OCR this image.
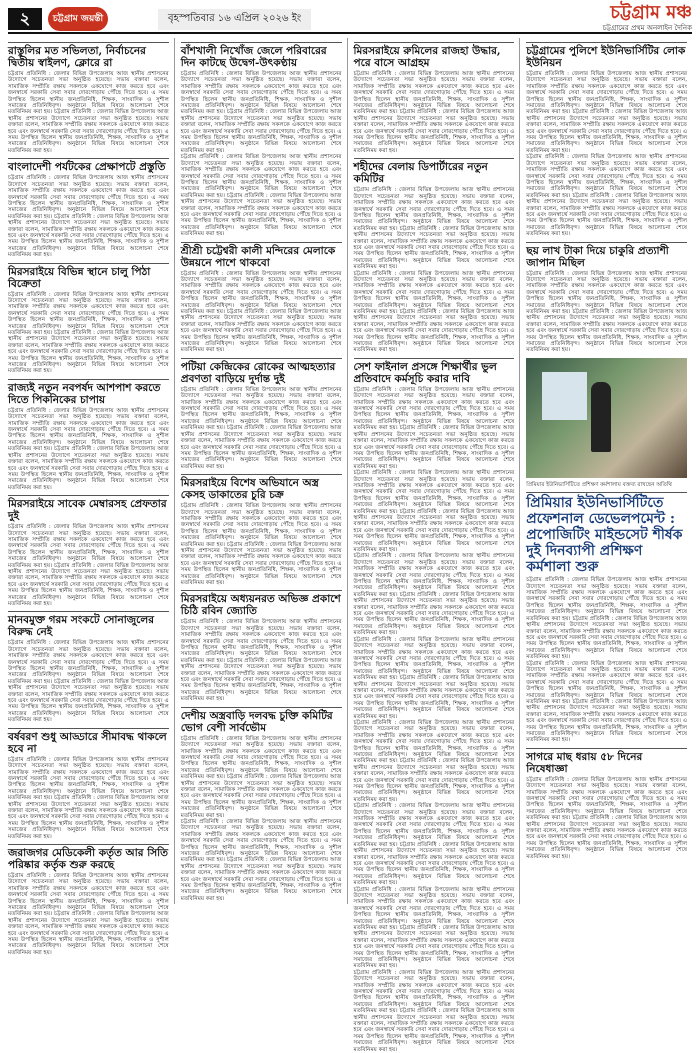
২	চট্টগ্রাম জয়ন্তী	বৃহস্পতিবার ১৬ এপ্রিল ২০২৬ ইং	চট্টগ্রাম মঞ্চ
চট্টগ্রামের প্রথম অনলাইন দৈনিক
রাস্তুলির মত সভিলতা, নির্বাচনের দ্বিতীয় স্বাইলণ, ক্লোরে রা
চট্টগ্রাম প্রতিনিধি : জেলার বিভিন্ন উপজেলায় আজ স্থানীয় প্রশাসনের উদ্যোগে সচেতনতা সভা অনুষ্ঠিত হয়েছে। সভায় বক্তারা বলেন, সামাজিক সম্প্রীতি রক্ষায় সকলকে একযোগে কাজ করতে হবে এবং জনস্বার্থে সরকারি সেবা সবার দোরগোড়ায় পৌঁছে দিতে হবে। এ সময় উপস্থিত ছিলেন স্থানীয় জনপ্রতিনিধি, শিক্ষক, সাংবাদিক ও সুশীল সমাজের প্রতিনিধিবৃন্দ। অনুষ্ঠানে বিভিন্ন বিষয়ে আলোচনা শেষে মতবিনিময় করা হয়। চট্টগ্রাম প্রতিনিধি : জেলার বিভিন্ন উপজেলায় আজ স্থানীয় প্রশাসনের উদ্যোগে সচেতনতা সভা অনুষ্ঠিত হয়েছে। সভায় বক্তারা বলেন, সামাজিক সম্প্রীতি রক্ষায় সকলকে একযোগে কাজ করতে হবে এবং জনস্বার্থে সরকারি সেবা সবার দোরগোড়ায় পৌঁছে দিতে হবে। এ সময় উপস্থিত ছিলেন স্থানীয় জনপ্রতিনিধি, শিক্ষক, সাংবাদিক ও সুশীল সমাজের প্রতিনিধিবৃন্দ। অনুষ্ঠানে বিভিন্ন বিষয়ে আলোচনা শেষে মতবিনিময় করা হয়।
বাংলাদেশী পর্যটকের প্রেক্ষাপটে প্রস্তুতি
চট্টগ্রাম প্রতিনিধি : জেলার বিভিন্ন উপজেলায় আজ স্থানীয় প্রশাসনের উদ্যোগে সচেতনতা সভা অনুষ্ঠিত হয়েছে। সভায় বক্তারা বলেন, সামাজিক সম্প্রীতি রক্ষায় সকলকে একযোগে কাজ করতে হবে এবং জনস্বার্থে সরকারি সেবা সবার দোরগোড়ায় পৌঁছে দিতে হবে। এ সময় উপস্থিত ছিলেন স্থানীয় জনপ্রতিনিধি, শিক্ষক, সাংবাদিক ও সুশীল সমাজের প্রতিনিধিবৃন্দ। অনুষ্ঠানে বিভিন্ন বিষয়ে আলোচনা শেষে মতবিনিময় করা হয়। চট্টগ্রাম প্রতিনিধি : জেলার বিভিন্ন উপজেলায় আজ স্থানীয় প্রশাসনের উদ্যোগে সচেতনতা সভা অনুষ্ঠিত হয়েছে। সভায় বক্তারা বলেন, সামাজিক সম্প্রীতি রক্ষায় সকলকে একযোগে কাজ করতে হবে এবং জনস্বার্থে সরকারি সেবা সবার দোরগোড়ায় পৌঁছে দিতে হবে। এ সময় উপস্থিত ছিলেন স্থানীয় জনপ্রতিনিধি, শিক্ষক, সাংবাদিক ও সুশীল সমাজের প্রতিনিধিবৃন্দ। অনুষ্ঠানে বিভিন্ন বিষয়ে আলোচনা শেষে মতবিনিময় করা হয়।
মিরসরাইয়ে বিভিন্ন স্থানে চালু পিঠা বিক্রেতা
চট্টগ্রাম প্রতিনিধি : জেলার বিভিন্ন উপজেলায় আজ স্থানীয় প্রশাসনের উদ্যোগে সচেতনতা সভা অনুষ্ঠিত হয়েছে। সভায় বক্তারা বলেন, সামাজিক সম্প্রীতি রক্ষায় সকলকে একযোগে কাজ করতে হবে এবং জনস্বার্থে সরকারি সেবা সবার দোরগোড়ায় পৌঁছে দিতে হবে। এ সময় উপস্থিত ছিলেন স্থানীয় জনপ্রতিনিধি, শিক্ষক, সাংবাদিক ও সুশীল সমাজের প্রতিনিধিবৃন্দ। অনুষ্ঠানে বিভিন্ন বিষয়ে আলোচনা শেষে মতবিনিময় করা হয়। চট্টগ্রাম প্রতিনিধি : জেলার বিভিন্ন উপজেলায় আজ স্থানীয় প্রশাসনের উদ্যোগে সচেতনতা সভা অনুষ্ঠিত হয়েছে। সভায় বক্তারা বলেন, সামাজিক সম্প্রীতি রক্ষায় সকলকে একযোগে কাজ করতে হবে এবং জনস্বার্থে সরকারি সেবা সবার দোরগোড়ায় পৌঁছে দিতে হবে। এ সময় উপস্থিত ছিলেন স্থানীয় জনপ্রতিনিধি, শিক্ষক, সাংবাদিক ও সুশীল সমাজের প্রতিনিধিবৃন্দ। অনুষ্ঠানে বিভিন্ন বিষয়ে আলোচনা শেষে মতবিনিময় করা হয়।
রাজ্যই নতুন নবপর্ষদ আশপাশ করতে দিতে পিকনিকের চাপায়
চট্টগ্রাম প্রতিনিধি : জেলার বিভিন্ন উপজেলায় আজ স্থানীয় প্রশাসনের উদ্যোগে সচেতনতা সভা অনুষ্ঠিত হয়েছে। সভায় বক্তারা বলেন, সামাজিক সম্প্রীতি রক্ষায় সকলকে একযোগে কাজ করতে হবে এবং জনস্বার্থে সরকারি সেবা সবার দোরগোড়ায় পৌঁছে দিতে হবে। এ সময় উপস্থিত ছিলেন স্থানীয় জনপ্রতিনিধি, শিক্ষক, সাংবাদিক ও সুশীল সমাজের প্রতিনিধিবৃন্দ। অনুষ্ঠানে বিভিন্ন বিষয়ে আলোচনা শেষে মতবিনিময় করা হয়। চট্টগ্রাম প্রতিনিধি : জেলার বিভিন্ন উপজেলায় আজ স্থানীয় প্রশাসনের উদ্যোগে সচেতনতা সভা অনুষ্ঠিত হয়েছে। সভায় বক্তারা বলেন, সামাজিক সম্প্রীতি রক্ষায় সকলকে একযোগে কাজ করতে হবে এবং জনস্বার্থে সরকারি সেবা সবার দোরগোড়ায় পৌঁছে দিতে হবে। এ সময় উপস্থিত ছিলেন স্থানীয় জনপ্রতিনিধি, শিক্ষক, সাংবাদিক ও সুশীল সমাজের প্রতিনিধিবৃন্দ। অনুষ্ঠানে বিভিন্ন বিষয়ে আলোচনা শেষে মতবিনিময় করা হয়।
মিরসরাইয়ে সাবেক মেম্বারসহ প্রেফতার দুই
চট্টগ্রাম প্রতিনিধি : জেলার বিভিন্ন উপজেলায় আজ স্থানীয় প্রশাসনের উদ্যোগে সচেতনতা সভা অনুষ্ঠিত হয়েছে। সভায় বক্তারা বলেন, সামাজিক সম্প্রীতি রক্ষায় সকলকে একযোগে কাজ করতে হবে এবং জনস্বার্থে সরকারি সেবা সবার দোরগোড়ায় পৌঁছে দিতে হবে। এ সময় উপস্থিত ছিলেন স্থানীয় জনপ্রতিনিধি, শিক্ষক, সাংবাদিক ও সুশীল সমাজের প্রতিনিধিবৃন্দ। অনুষ্ঠানে বিভিন্ন বিষয়ে আলোচনা শেষে মতবিনিময় করা হয়। চট্টগ্রাম প্রতিনিধি : জেলার বিভিন্ন উপজেলায় আজ স্থানীয় প্রশাসনের উদ্যোগে সচেতনতা সভা অনুষ্ঠিত হয়েছে। সভায় বক্তারা বলেন, সামাজিক সম্প্রীতি রক্ষায় সকলকে একযোগে কাজ করতে হবে এবং জনস্বার্থে সরকারি সেবা সবার দোরগোড়ায় পৌঁছে দিতে হবে। এ সময় উপস্থিত ছিলেন স্থানীয় জনপ্রতিনিধি, শিক্ষক, সাংবাদিক ও সুশীল সমাজের প্রতিনিধিবৃন্দ। অনুষ্ঠানে বিভিন্ন বিষয়ে আলোচনা শেষে মতবিনিময় করা হয়।
মানবমুক্ত গরম সংকটে সোনাজুলের বিরুদ্ধ নেই
চট্টগ্রাম প্রতিনিধি : জেলার বিভিন্ন উপজেলায় আজ স্থানীয় প্রশাসনের উদ্যোগে সচেতনতা সভা অনুষ্ঠিত হয়েছে। সভায় বক্তারা বলেন, সামাজিক সম্প্রীতি রক্ষায় সকলকে একযোগে কাজ করতে হবে এবং জনস্বার্থে সরকারি সেবা সবার দোরগোড়ায় পৌঁছে দিতে হবে। এ সময় উপস্থিত ছিলেন স্থানীয় জনপ্রতিনিধি, শিক্ষক, সাংবাদিক ও সুশীল সমাজের প্রতিনিধিবৃন্দ। অনুষ্ঠানে বিভিন্ন বিষয়ে আলোচনা শেষে মতবিনিময় করা হয়। চট্টগ্রাম প্রতিনিধি : জেলার বিভিন্ন উপজেলায় আজ স্থানীয় প্রশাসনের উদ্যোগে সচেতনতা সভা অনুষ্ঠিত হয়েছে। সভায় বক্তারা বলেন, সামাজিক সম্প্রীতি রক্ষায় সকলকে একযোগে কাজ করতে হবে এবং জনস্বার্থে সরকারি সেবা সবার দোরগোড়ায় পৌঁছে দিতে হবে। এ সময় উপস্থিত ছিলেন স্থানীয় জনপ্রতিনিধি, শিক্ষক, সাংবাদিক ও সুশীল সমাজের প্রতিনিধিবৃন্দ। অনুষ্ঠানে বিভিন্ন বিষয়ে আলোচনা শেষে মতবিনিময় করা হয়।
বর্ষবরণ শুধু আড্ডারে সীমাবদ্ধ থাকলে হবে না
চট্টগ্রাম প্রতিনিধি : জেলার বিভিন্ন উপজেলায় আজ স্থানীয় প্রশাসনের উদ্যোগে সচেতনতা সভা অনুষ্ঠিত হয়েছে। সভায় বক্তারা বলেন, সামাজিক সম্প্রীতি রক্ষায় সকলকে একযোগে কাজ করতে হবে এবং জনস্বার্থে সরকারি সেবা সবার দোরগোড়ায় পৌঁছে দিতে হবে। এ সময় উপস্থিত ছিলেন স্থানীয় জনপ্রতিনিধি, শিক্ষক, সাংবাদিক ও সুশীল সমাজের প্রতিনিধিবৃন্দ। অনুষ্ঠানে বিভিন্ন বিষয়ে আলোচনা শেষে মতবিনিময় করা হয়। চট্টগ্রাম প্রতিনিধি : জেলার বিভিন্ন উপজেলায় আজ স্থানীয় প্রশাসনের উদ্যোগে সচেতনতা সভা অনুষ্ঠিত হয়েছে। সভায় বক্তারা বলেন, সামাজিক সম্প্রীতি রক্ষায় সকলকে একযোগে কাজ করতে হবে এবং জনস্বার্থে সরকারি সেবা সবার দোরগোড়ায় পৌঁছে দিতে হবে। এ সময় উপস্থিত ছিলেন স্থানীয় জনপ্রতিনিধি, শিক্ষক, সাংবাদিক ও সুশীল সমাজের প্রতিনিধিবৃন্দ। অনুষ্ঠানে বিভিন্ন বিষয়ে আলোচনা শেষে মতবিনিময় করা হয়।
জরাজগর মেডিকেলী কর্তৃত আর সিতি পরিষ্কার কর্তৃক শুরু করছে
চট্টগ্রাম প্রতিনিধি : জেলার বিভিন্ন উপজেলায় আজ স্থানীয় প্রশাসনের উদ্যোগে সচেতনতা সভা অনুষ্ঠিত হয়েছে। সভায় বক্তারা বলেন, সামাজিক সম্প্রীতি রক্ষায় সকলকে একযোগে কাজ করতে হবে এবং জনস্বার্থে সরকারি সেবা সবার দোরগোড়ায় পৌঁছে দিতে হবে। এ সময় উপস্থিত ছিলেন স্থানীয় জনপ্রতিনিধি, শিক্ষক, সাংবাদিক ও সুশীল সমাজের প্রতিনিধিবৃন্দ। অনুষ্ঠানে বিভিন্ন বিষয়ে আলোচনা শেষে মতবিনিময় করা হয়। চট্টগ্রাম প্রতিনিধি : জেলার বিভিন্ন উপজেলায় আজ স্থানীয় প্রশাসনের উদ্যোগে সচেতনতা সভা অনুষ্ঠিত হয়েছে। সভায় বক্তারা বলেন, সামাজিক সম্প্রীতি রক্ষায় সকলকে একযোগে কাজ করতে হবে এবং জনস্বার্থে সরকারি সেবা সবার দোরগোড়ায় পৌঁছে দিতে হবে। এ সময় উপস্থিত ছিলেন স্থানীয় জনপ্রতিনিধি, শিক্ষক, সাংবাদিক ও সুশীল সমাজের প্রতিনিধিবৃন্দ। অনুষ্ঠানে বিভিন্ন বিষয়ে আলোচনা শেষে মতবিনিময় করা হয়।
বাঁশখালী নিখোঁজ জেলে পরিবারের দিন কাটছে উদ্বেগ-উৎকণ্ঠায়
চট্টগ্রাম প্রতিনিধি : জেলার বিভিন্ন উপজেলায় আজ স্থানীয় প্রশাসনের উদ্যোগে সচেতনতা সভা অনুষ্ঠিত হয়েছে। সভায় বক্তারা বলেন, সামাজিক সম্প্রীতি রক্ষায় সকলকে একযোগে কাজ করতে হবে এবং জনস্বার্থে সরকারি সেবা সবার দোরগোড়ায় পৌঁছে দিতে হবে। এ সময় উপস্থিত ছিলেন স্থানীয় জনপ্রতিনিধি, শিক্ষক, সাংবাদিক ও সুশীল সমাজের প্রতিনিধিবৃন্দ। অনুষ্ঠানে বিভিন্ন বিষয়ে আলোচনা শেষে মতবিনিময় করা হয়। চট্টগ্রাম প্রতিনিধি : জেলার বিভিন্ন উপজেলায় আজ স্থানীয় প্রশাসনের উদ্যোগে সচেতনতা সভা অনুষ্ঠিত হয়েছে। সভায় বক্তারা বলেন, সামাজিক সম্প্রীতি রক্ষায় সকলকে একযোগে কাজ করতে হবে এবং জনস্বার্থে সরকারি সেবা সবার দোরগোড়ায় পৌঁছে দিতে হবে। এ সময় উপস্থিত ছিলেন স্থানীয় জনপ্রতিনিধি, শিক্ষক, সাংবাদিক ও সুশীল সমাজের প্রতিনিধিবৃন্দ। অনুষ্ঠানে বিভিন্ন বিষয়ে আলোচনা শেষে মতবিনিময় করা হয়।
চট্টগ্রাম প্রতিনিধি : জেলার বিভিন্ন উপজেলায় আজ স্থানীয় প্রশাসনের উদ্যোগে সচেতনতা সভা অনুষ্ঠিত হয়েছে। সভায় বক্তারা বলেন, সামাজিক সম্প্রীতি রক্ষায় সকলকে একযোগে কাজ করতে হবে এবং জনস্বার্থে সরকারি সেবা সবার দোরগোড়ায় পৌঁছে দিতে হবে। এ সময় উপস্থিত ছিলেন স্থানীয় জনপ্রতিনিধি, শিক্ষক, সাংবাদিক ও সুশীল সমাজের প্রতিনিধিবৃন্দ। অনুষ্ঠানে বিভিন্ন বিষয়ে আলোচনা শেষে মতবিনিময় করা হয়। চট্টগ্রাম প্রতিনিধি : জেলার বিভিন্ন উপজেলায় আজ স্থানীয় প্রশাসনের উদ্যোগে সচেতনতা সভা অনুষ্ঠিত হয়েছে। সভায় বক্তারা বলেন, সামাজিক সম্প্রীতি রক্ষায় সকলকে একযোগে কাজ করতে হবে এবং জনস্বার্থে সরকারি সেবা সবার দোরগোড়ায় পৌঁছে দিতে হবে। এ সময় উপস্থিত ছিলেন স্থানীয় জনপ্রতিনিধি, শিক্ষক, সাংবাদিক ও সুশীল সমাজের প্রতিনিধিবৃন্দ। অনুষ্ঠানে বিভিন্ন বিষয়ে আলোচনা শেষে মতবিনিময় করা হয়।
শ্রীশ্রী চট্টেশ্বরী কালী মন্দিরের মেলাকে উন্নয়নে পাশে থাকবো
চট্টগ্রাম প্রতিনিধি : জেলার বিভিন্ন উপজেলায় আজ স্থানীয় প্রশাসনের উদ্যোগে সচেতনতা সভা অনুষ্ঠিত হয়েছে। সভায় বক্তারা বলেন, সামাজিক সম্প্রীতি রক্ষায় সকলকে একযোগে কাজ করতে হবে এবং জনস্বার্থে সরকারি সেবা সবার দোরগোড়ায় পৌঁছে দিতে হবে। এ সময় উপস্থিত ছিলেন স্থানীয় জনপ্রতিনিধি, শিক্ষক, সাংবাদিক ও সুশীল সমাজের প্রতিনিধিবৃন্দ। অনুষ্ঠানে বিভিন্ন বিষয়ে আলোচনা শেষে মতবিনিময় করা হয়। চট্টগ্রাম প্রতিনিধি : জেলার বিভিন্ন উপজেলায় আজ স্থানীয় প্রশাসনের উদ্যোগে সচেতনতা সভা অনুষ্ঠিত হয়েছে। সভায় বক্তারা বলেন, সামাজিক সম্প্রীতি রক্ষায় সকলকে একযোগে কাজ করতে হবে এবং জনস্বার্থে সরকারি সেবা সবার দোরগোড়ায় পৌঁছে দিতে হবে। এ সময় উপস্থিত ছিলেন স্থানীয় জনপ্রতিনিধি, শিক্ষক, সাংবাদিক ও সুশীল সমাজের প্রতিনিধিবৃন্দ। অনুষ্ঠানে বিভিন্ন বিষয়ে আলোচনা শেষে মতবিনিময় করা হয়।
পটিয়া কেন্দ্রিকের রোকের আত্মহত্যার প্রবণতা বাড়িয়ে দুর্দান্ত দুই
চট্টগ্রাম প্রতিনিধি : জেলার বিভিন্ন উপজেলায় আজ স্থানীয় প্রশাসনের উদ্যোগে সচেতনতা সভা অনুষ্ঠিত হয়েছে। সভায় বক্তারা বলেন, সামাজিক সম্প্রীতি রক্ষায় সকলকে একযোগে কাজ করতে হবে এবং জনস্বার্থে সরকারি সেবা সবার দোরগোড়ায় পৌঁছে দিতে হবে। এ সময় উপস্থিত ছিলেন স্থানীয় জনপ্রতিনিধি, শিক্ষক, সাংবাদিক ও সুশীল সমাজের প্রতিনিধিবৃন্দ। অনুষ্ঠানে বিভিন্ন বিষয়ে আলোচনা শেষে মতবিনিময় করা হয়। চট্টগ্রাম প্রতিনিধি : জেলার বিভিন্ন উপজেলায় আজ স্থানীয় প্রশাসনের উদ্যোগে সচেতনতা সভা অনুষ্ঠিত হয়েছে। সভায় বক্তারা বলেন, সামাজিক সম্প্রীতি রক্ষায় সকলকে একযোগে কাজ করতে হবে এবং জনস্বার্থে সরকারি সেবা সবার দোরগোড়ায় পৌঁছে দিতে হবে। এ সময় উপস্থিত ছিলেন স্থানীয় জনপ্রতিনিধি, শিক্ষক, সাংবাদিক ও সুশীল সমাজের প্রতিনিধিবৃন্দ। অনুষ্ঠানে বিভিন্ন বিষয়ে আলোচনা শেষে মতবিনিময় করা হয়।
মিরসরাইয়ে বিশেষ অভিযানে অস্ত্র কেসহ ডাকাতের চুরি চক্র
চট্টগ্রাম প্রতিনিধি : জেলার বিভিন্ন উপজেলায় আজ স্থানীয় প্রশাসনের উদ্যোগে সচেতনতা সভা অনুষ্ঠিত হয়েছে। সভায় বক্তারা বলেন, সামাজিক সম্প্রীতি রক্ষায় সকলকে একযোগে কাজ করতে হবে এবং জনস্বার্থে সরকারি সেবা সবার দোরগোড়ায় পৌঁছে দিতে হবে। এ সময় উপস্থিত ছিলেন স্থানীয় জনপ্রতিনিধি, শিক্ষক, সাংবাদিক ও সুশীল সমাজের প্রতিনিধিবৃন্দ। অনুষ্ঠানে বিভিন্ন বিষয়ে আলোচনা শেষে মতবিনিময় করা হয়। চট্টগ্রাম প্রতিনিধি : জেলার বিভিন্ন উপজেলায় আজ স্থানীয় প্রশাসনের উদ্যোগে সচেতনতা সভা অনুষ্ঠিত হয়েছে। সভায় বক্তারা বলেন, সামাজিক সম্প্রীতি রক্ষায় সকলকে একযোগে কাজ করতে হবে এবং জনস্বার্থে সরকারি সেবা সবার দোরগোড়ায় পৌঁছে দিতে হবে। এ সময় উপস্থিত ছিলেন স্থানীয় জনপ্রতিনিধি, শিক্ষক, সাংবাদিক ও সুশীল সমাজের প্রতিনিধিবৃন্দ। অনুষ্ঠানে বিভিন্ন বিষয়ে আলোচনা শেষে মতবিনিময় করা হয়।
মিরসরাইয়ে অধ্যয়নরত অভিজ্ঞ প্রকাশে চিঠি রবিন জ্যোতি
চট্টগ্রাম প্রতিনিধি : জেলার বিভিন্ন উপজেলায় আজ স্থানীয় প্রশাসনের উদ্যোগে সচেতনতা সভা অনুষ্ঠিত হয়েছে। সভায় বক্তারা বলেন, সামাজিক সম্প্রীতি রক্ষায় সকলকে একযোগে কাজ করতে হবে এবং জনস্বার্থে সরকারি সেবা সবার দোরগোড়ায় পৌঁছে দিতে হবে। এ সময় উপস্থিত ছিলেন স্থানীয় জনপ্রতিনিধি, শিক্ষক, সাংবাদিক ও সুশীল সমাজের প্রতিনিধিবৃন্দ। অনুষ্ঠানে বিভিন্ন বিষয়ে আলোচনা শেষে মতবিনিময় করা হয়। চট্টগ্রাম প্রতিনিধি : জেলার বিভিন্ন উপজেলায় আজ স্থানীয় প্রশাসনের উদ্যোগে সচেতনতা সভা অনুষ্ঠিত হয়েছে। সভায় বক্তারা বলেন, সামাজিক সম্প্রীতি রক্ষায় সকলকে একযোগে কাজ করতে হবে এবং জনস্বার্থে সরকারি সেবা সবার দোরগোড়ায় পৌঁছে দিতে হবে। এ সময় উপস্থিত ছিলেন স্থানীয় জনপ্রতিনিধি, শিক্ষক, সাংবাদিক ও সুশীল সমাজের প্রতিনিধিবৃন্দ। অনুষ্ঠানে বিভিন্ন বিষয়ে আলোচনা শেষে মতবিনিময় করা হয়।
দেশীয় অস্ত্রবাড়ি দলবদ্ধ চুক্তি কমিটির ভোগ বেশী সার্বভৌম
চট্টগ্রাম প্রতিনিধি : জেলার বিভিন্ন উপজেলায় আজ স্থানীয় প্রশাসনের উদ্যোগে সচেতনতা সভা অনুষ্ঠিত হয়েছে। সভায় বক্তারা বলেন, সামাজিক সম্প্রীতি রক্ষায় সকলকে একযোগে কাজ করতে হবে এবং জনস্বার্থে সরকারি সেবা সবার দোরগোড়ায় পৌঁছে দিতে হবে। এ সময় উপস্থিত ছিলেন স্থানীয় জনপ্রতিনিধি, শিক্ষক, সাংবাদিক ও সুশীল সমাজের প্রতিনিধিবৃন্দ। অনুষ্ঠানে বিভিন্ন বিষয়ে আলোচনা শেষে মতবিনিময় করা হয়। চট্টগ্রাম প্রতিনিধি : জেলার বিভিন্ন উপজেলায় আজ স্থানীয় প্রশাসনের উদ্যোগে সচেতনতা সভা অনুষ্ঠিত হয়েছে। সভায় বক্তারা বলেন, সামাজিক সম্প্রীতি রক্ষায় সকলকে একযোগে কাজ করতে হবে এবং জনস্বার্থে সরকারি সেবা সবার দোরগোড়ায় পৌঁছে দিতে হবে। এ সময় উপস্থিত ছিলেন স্থানীয় জনপ্রতিনিধি, শিক্ষক, সাংবাদিক ও সুশীল সমাজের প্রতিনিধিবৃন্দ। অনুষ্ঠানে বিভিন্ন বিষয়ে আলোচনা শেষে মতবিনিময় করা হয়।
চট্টগ্রাম প্রতিনিধি : জেলার বিভিন্ন উপজেলায় আজ স্থানীয় প্রশাসনের উদ্যোগে সচেতনতা সভা অনুষ্ঠিত হয়েছে। সভায় বক্তারা বলেন, সামাজিক সম্প্রীতি রক্ষায় সকলকে একযোগে কাজ করতে হবে এবং জনস্বার্থে সরকারি সেবা সবার দোরগোড়ায় পৌঁছে দিতে হবে। এ সময় উপস্থিত ছিলেন স্থানীয় জনপ্রতিনিধি, শিক্ষক, সাংবাদিক ও সুশীল সমাজের প্রতিনিধিবৃন্দ। অনুষ্ঠানে বিভিন্ন বিষয়ে আলোচনা শেষে মতবিনিময় করা হয়। চট্টগ্রাম প্রতিনিধি : জেলার বিভিন্ন উপজেলায় আজ স্থানীয় প্রশাসনের উদ্যোগে সচেতনতা সভা অনুষ্ঠিত হয়েছে। সভায় বক্তারা বলেন, সামাজিক সম্প্রীতি রক্ষায় সকলকে একযোগে কাজ করতে হবে এবং জনস্বার্থে সরকারি সেবা সবার দোরগোড়ায় পৌঁছে দিতে হবে। এ সময় উপস্থিত ছিলেন স্থানীয় জনপ্রতিনিধি, শিক্ষক, সাংবাদিক ও সুশীল সমাজের প্রতিনিধিবৃন্দ। অনুষ্ঠানে বিভিন্ন বিষয়ে আলোচনা শেষে মতবিনিময় করা হয়।
মিরসরাইয়ে রুমিলের রাজহা উদ্ধার, পরে বাসে আগ্রহম
চট্টগ্রাম প্রতিনিধি : জেলার বিভিন্ন উপজেলায় আজ স্থানীয় প্রশাসনের উদ্যোগে সচেতনতা সভা অনুষ্ঠিত হয়েছে। সভায় বক্তারা বলেন, সামাজিক সম্প্রীতি রক্ষায় সকলকে একযোগে কাজ করতে হবে এবং জনস্বার্থে সরকারি সেবা সবার দোরগোড়ায় পৌঁছে দিতে হবে। এ সময় উপস্থিত ছিলেন স্থানীয় জনপ্রতিনিধি, শিক্ষক, সাংবাদিক ও সুশীল সমাজের প্রতিনিধিবৃন্দ। অনুষ্ঠানে বিভিন্ন বিষয়ে আলোচনা শেষে মতবিনিময় করা হয়। চট্টগ্রাম প্রতিনিধি : জেলার বিভিন্ন উপজেলায় আজ স্থানীয় প্রশাসনের উদ্যোগে সচেতনতা সভা অনুষ্ঠিত হয়েছে। সভায় বক্তারা বলেন, সামাজিক সম্প্রীতি রক্ষায় সকলকে একযোগে কাজ করতে হবে এবং জনস্বার্থে সরকারি সেবা সবার দোরগোড়ায় পৌঁছে দিতে হবে। এ সময় উপস্থিত ছিলেন স্থানীয় জনপ্রতিনিধি, শিক্ষক, সাংবাদিক ও সুশীল সমাজের প্রতিনিধিবৃন্দ। অনুষ্ঠানে বিভিন্ন বিষয়ে আলোচনা শেষে মতবিনিময় করা হয়।
শহীদের বেলায় ডিপার্টারের নতুন কমিটির
চট্টগ্রাম প্রতিনিধি : জেলার বিভিন্ন উপজেলায় আজ স্থানীয় প্রশাসনের উদ্যোগে সচেতনতা সভা অনুষ্ঠিত হয়েছে। সভায় বক্তারা বলেন, সামাজিক সম্প্রীতি রক্ষায় সকলকে একযোগে কাজ করতে হবে এবং জনস্বার্থে সরকারি সেবা সবার দোরগোড়ায় পৌঁছে দিতে হবে। এ সময় উপস্থিত ছিলেন স্থানীয় জনপ্রতিনিধি, শিক্ষক, সাংবাদিক ও সুশীল সমাজের প্রতিনিধিবৃন্দ। অনুষ্ঠানে বিভিন্ন বিষয়ে আলোচনা শেষে মতবিনিময় করা হয়। চট্টগ্রাম প্রতিনিধি : জেলার বিভিন্ন উপজেলায় আজ স্থানীয় প্রশাসনের উদ্যোগে সচেতনতা সভা অনুষ্ঠিত হয়েছে। সভায় বক্তারা বলেন, সামাজিক সম্প্রীতি রক্ষায় সকলকে একযোগে কাজ করতে হবে এবং জনস্বার্থে সরকারি সেবা সবার দোরগোড়ায় পৌঁছে দিতে হবে। এ সময় উপস্থিত ছিলেন স্থানীয় জনপ্রতিনিধি, শিক্ষক, সাংবাদিক ও সুশীল সমাজের প্রতিনিধিবৃন্দ। অনুষ্ঠানে বিভিন্ন বিষয়ে আলোচনা শেষে মতবিনিময় করা হয়।
চট্টগ্রাম প্রতিনিধি : জেলার বিভিন্ন উপজেলায় আজ স্থানীয় প্রশাসনের উদ্যোগে সচেতনতা সভা অনুষ্ঠিত হয়েছে। সভায় বক্তারা বলেন, সামাজিক সম্প্রীতি রক্ষায় সকলকে একযোগে কাজ করতে হবে এবং জনস্বার্থে সরকারি সেবা সবার দোরগোড়ায় পৌঁছে দিতে হবে। এ সময় উপস্থিত ছিলেন স্থানীয় জনপ্রতিনিধি, শিক্ষক, সাংবাদিক ও সুশীল সমাজের প্রতিনিধিবৃন্দ। অনুষ্ঠানে বিভিন্ন বিষয়ে আলোচনা শেষে মতবিনিময় করা হয়। চট্টগ্রাম প্রতিনিধি : জেলার বিভিন্ন উপজেলায় আজ স্থানীয় প্রশাসনের উদ্যোগে সচেতনতা সভা অনুষ্ঠিত হয়েছে। সভায় বক্তারা বলেন, সামাজিক সম্প্রীতি রক্ষায় সকলকে একযোগে কাজ করতে হবে এবং জনস্বার্থে সরকারি সেবা সবার দোরগোড়ায় পৌঁছে দিতে হবে। এ সময় উপস্থিত ছিলেন স্থানীয় জনপ্রতিনিধি, শিক্ষক, সাংবাদিক ও সুশীল সমাজের প্রতিনিধিবৃন্দ। অনুষ্ঠানে বিভিন্ন বিষয়ে আলোচনা শেষে মতবিনিময় করা হয়।
সেশ ফাইনাল প্রসঙ্গে শিক্ষার্থীর ভুল প্রতিবাদে কর্মসূচি করার দাবি
চট্টগ্রাম প্রতিনিধি : জেলার বিভিন্ন উপজেলায় আজ স্থানীয় প্রশাসনের উদ্যোগে সচেতনতা সভা অনুষ্ঠিত হয়েছে। সভায় বক্তারা বলেন, সামাজিক সম্প্রীতি রক্ষায় সকলকে একযোগে কাজ করতে হবে এবং জনস্বার্থে সরকারি সেবা সবার দোরগোড়ায় পৌঁছে দিতে হবে। এ সময় উপস্থিত ছিলেন স্থানীয় জনপ্রতিনিধি, শিক্ষক, সাংবাদিক ও সুশীল সমাজের প্রতিনিধিবৃন্দ। অনুষ্ঠানে বিভিন্ন বিষয়ে আলোচনা শেষে মতবিনিময় করা হয়। চট্টগ্রাম প্রতিনিধি : জেলার বিভিন্ন উপজেলায় আজ স্থানীয় প্রশাসনের উদ্যোগে সচেতনতা সভা অনুষ্ঠিত হয়েছে। সভায় বক্তারা বলেন, সামাজিক সম্প্রীতি রক্ষায় সকলকে একযোগে কাজ করতে হবে এবং জনস্বার্থে সরকারি সেবা সবার দোরগোড়ায় পৌঁছে দিতে হবে। এ সময় উপস্থিত ছিলেন স্থানীয় জনপ্রতিনিধি, শিক্ষক, সাংবাদিক ও সুশীল সমাজের প্রতিনিধিবৃন্দ। অনুষ্ঠানে বিভিন্ন বিষয়ে আলোচনা শেষে মতবিনিময় করা হয়।
চট্টগ্রাম প্রতিনিধি : জেলার বিভিন্ন উপজেলায় আজ স্থানীয় প্রশাসনের উদ্যোগে সচেতনতা সভা অনুষ্ঠিত হয়েছে। সভায় বক্তারা বলেন, সামাজিক সম্প্রীতি রক্ষায় সকলকে একযোগে কাজ করতে হবে এবং জনস্বার্থে সরকারি সেবা সবার দোরগোড়ায় পৌঁছে দিতে হবে। এ সময় উপস্থিত ছিলেন স্থানীয় জনপ্রতিনিধি, শিক্ষক, সাংবাদিক ও সুশীল সমাজের প্রতিনিধিবৃন্দ। অনুষ্ঠানে বিভিন্ন বিষয়ে আলোচনা শেষে মতবিনিময় করা হয়। চট্টগ্রাম প্রতিনিধি : জেলার বিভিন্ন উপজেলায় আজ স্থানীয় প্রশাসনের উদ্যোগে সচেতনতা সভা অনুষ্ঠিত হয়েছে। সভায় বক্তারা বলেন, সামাজিক সম্প্রীতি রক্ষায় সকলকে একযোগে কাজ করতে হবে এবং জনস্বার্থে সরকারি সেবা সবার দোরগোড়ায় পৌঁছে দিতে হবে। এ সময় উপস্থিত ছিলেন স্থানীয় জনপ্রতিনিধি, শিক্ষক, সাংবাদিক ও সুশীল সমাজের প্রতিনিধিবৃন্দ। অনুষ্ঠানে বিভিন্ন বিষয়ে আলোচনা শেষে মতবিনিময় করা হয়।
চট্টগ্রাম প্রতিনিধি : জেলার বিভিন্ন উপজেলায় আজ স্থানীয় প্রশাসনের উদ্যোগে সচেতনতা সভা অনুষ্ঠিত হয়েছে। সভায় বক্তারা বলেন, সামাজিক সম্প্রীতি রক্ষায় সকলকে একযোগে কাজ করতে হবে এবং জনস্বার্থে সরকারি সেবা সবার দোরগোড়ায় পৌঁছে দিতে হবে। এ সময় উপস্থিত ছিলেন স্থানীয় জনপ্রতিনিধি, শিক্ষক, সাংবাদিক ও সুশীল সমাজের প্রতিনিধিবৃন্দ। অনুষ্ঠানে বিভিন্ন বিষয়ে আলোচনা শেষে মতবিনিময় করা হয়। চট্টগ্রাম প্রতিনিধি : জেলার বিভিন্ন উপজেলায় আজ স্থানীয় প্রশাসনের উদ্যোগে সচেতনতা সভা অনুষ্ঠিত হয়েছে। সভায় বক্তারা বলেন, সামাজিক সম্প্রীতি রক্ষায় সকলকে একযোগে কাজ করতে হবে এবং জনস্বার্থে সরকারি সেবা সবার দোরগোড়ায় পৌঁছে দিতে হবে। এ সময় উপস্থিত ছিলেন স্থানীয় জনপ্রতিনিধি, শিক্ষক, সাংবাদিক ও সুশীল সমাজের প্রতিনিধিবৃন্দ। অনুষ্ঠানে বিভিন্ন বিষয়ে আলোচনা শেষে মতবিনিময় করা হয়।
চট্টগ্রাম প্রতিনিধি : জেলার বিভিন্ন উপজেলায় আজ স্থানীয় প্রশাসনের উদ্যোগে সচেতনতা সভা অনুষ্ঠিত হয়েছে। সভায় বক্তারা বলেন, সামাজিক সম্প্রীতি রক্ষায় সকলকে একযোগে কাজ করতে হবে এবং জনস্বার্থে সরকারি সেবা সবার দোরগোড়ায় পৌঁছে দিতে হবে। এ সময় উপস্থিত ছিলেন স্থানীয় জনপ্রতিনিধি, শিক্ষক, সাংবাদিক ও সুশীল সমাজের প্রতিনিধিবৃন্দ। অনুষ্ঠানে বিভিন্ন বিষয়ে আলোচনা শেষে মতবিনিময় করা হয়। চট্টগ্রাম প্রতিনিধি : জেলার বিভিন্ন উপজেলায় আজ স্থানীয় প্রশাসনের উদ্যোগে সচেতনতা সভা অনুষ্ঠিত হয়েছে। সভায় বক্তারা বলেন, সামাজিক সম্প্রীতি রক্ষায় সকলকে একযোগে কাজ করতে হবে এবং জনস্বার্থে সরকারি সেবা সবার দোরগোড়ায় পৌঁছে দিতে হবে। এ সময় উপস্থিত ছিলেন স্থানীয় জনপ্রতিনিধি, শিক্ষক, সাংবাদিক ও সুশীল সমাজের প্রতিনিধিবৃন্দ। অনুষ্ঠানে বিভিন্ন বিষয়ে আলোচনা শেষে মতবিনিময় করা হয়।
চট্টগ্রাম প্রতিনিধি : জেলার বিভিন্ন উপজেলায় আজ স্থানীয় প্রশাসনের উদ্যোগে সচেতনতা সভা অনুষ্ঠিত হয়েছে। সভায় বক্তারা বলেন, সামাজিক সম্প্রীতি রক্ষায় সকলকে একযোগে কাজ করতে হবে এবং জনস্বার্থে সরকারি সেবা সবার দোরগোড়ায় পৌঁছে দিতে হবে। এ সময় উপস্থিত ছিলেন স্থানীয় জনপ্রতিনিধি, শিক্ষক, সাংবাদিক ও সুশীল সমাজের প্রতিনিধিবৃন্দ। অনুষ্ঠানে বিভিন্ন বিষয়ে আলোচনা শেষে মতবিনিময় করা হয়। চট্টগ্রাম প্রতিনিধি : জেলার বিভিন্ন উপজেলায় আজ স্থানীয় প্রশাসনের উদ্যোগে সচেতনতা সভা অনুষ্ঠিত হয়েছে। সভায় বক্তারা বলেন, সামাজিক সম্প্রীতি রক্ষায় সকলকে একযোগে কাজ করতে হবে এবং জনস্বার্থে সরকারি সেবা সবার দোরগোড়ায় পৌঁছে দিতে হবে। এ সময় উপস্থিত ছিলেন স্থানীয় জনপ্রতিনিধি, শিক্ষক, সাংবাদিক ও সুশীল সমাজের প্রতিনিধিবৃন্দ। অনুষ্ঠানে বিভিন্ন বিষয়ে আলোচনা শেষে মতবিনিময় করা হয়।
চট্টগ্রাম প্রতিনিধি : জেলার বিভিন্ন উপজেলায় আজ স্থানীয় প্রশাসনের উদ্যোগে সচেতনতা সভা অনুষ্ঠিত হয়েছে। সভায় বক্তারা বলেন, সামাজিক সম্প্রীতি রক্ষায় সকলকে একযোগে কাজ করতে হবে এবং জনস্বার্থে সরকারি সেবা সবার দোরগোড়ায় পৌঁছে দিতে হবে। এ সময় উপস্থিত ছিলেন স্থানীয় জনপ্রতিনিধি, শিক্ষক, সাংবাদিক ও সুশীল সমাজের প্রতিনিধিবৃন্দ। অনুষ্ঠানে বিভিন্ন বিষয়ে আলোচনা শেষে মতবিনিময় করা হয়। চট্টগ্রাম প্রতিনিধি : জেলার বিভিন্ন উপজেলায় আজ স্থানীয় প্রশাসনের উদ্যোগে সচেতনতা সভা অনুষ্ঠিত হয়েছে। সভায় বক্তারা বলেন, সামাজিক সম্প্রীতি রক্ষায় সকলকে একযোগে কাজ করতে হবে এবং জনস্বার্থে সরকারি সেবা সবার দোরগোড়ায় পৌঁছে দিতে হবে। এ সময় উপস্থিত ছিলেন স্থানীয় জনপ্রতিনিধি, শিক্ষক, সাংবাদিক ও সুশীল সমাজের প্রতিনিধিবৃন্দ। অনুষ্ঠানে বিভিন্ন বিষয়ে আলোচনা শেষে মতবিনিময় করা হয়।
চট্টগ্রাম প্রতিনিধি : জেলার বিভিন্ন উপজেলায় আজ স্থানীয় প্রশাসনের উদ্যোগে সচেতনতা সভা অনুষ্ঠিত হয়েছে। সভায় বক্তারা বলেন, সামাজিক সম্প্রীতি রক্ষায় সকলকে একযোগে কাজ করতে হবে এবং জনস্বার্থে সরকারি সেবা সবার দোরগোড়ায় পৌঁছে দিতে হবে। এ সময় উপস্থিত ছিলেন স্থানীয় জনপ্রতিনিধি, শিক্ষক, সাংবাদিক ও সুশীল সমাজের প্রতিনিধিবৃন্দ। অনুষ্ঠানে বিভিন্ন বিষয়ে আলোচনা শেষে মতবিনিময় করা হয়। চট্টগ্রাম প্রতিনিধি : জেলার বিভিন্ন উপজেলায় আজ স্থানীয় প্রশাসনের উদ্যোগে সচেতনতা সভা অনুষ্ঠিত হয়েছে। সভায় বক্তারা বলেন, সামাজিক সম্প্রীতি রক্ষায় সকলকে একযোগে কাজ করতে হবে এবং জনস্বার্থে সরকারি সেবা সবার দোরগোড়ায় পৌঁছে দিতে হবে। এ সময় উপস্থিত ছিলেন স্থানীয় জনপ্রতিনিধি, শিক্ষক, সাংবাদিক ও সুশীল সমাজের প্রতিনিধিবৃন্দ। অনুষ্ঠানে বিভিন্ন বিষয়ে আলোচনা শেষে মতবিনিময় করা হয়।
চট্টগ্রাম প্রতিনিধি : জেলার বিভিন্ন উপজেলায় আজ স্থানীয় প্রশাসনের উদ্যোগে সচেতনতা সভা অনুষ্ঠিত হয়েছে। সভায় বক্তারা বলেন, সামাজিক সম্প্রীতি রক্ষায় সকলকে একযোগে কাজ করতে হবে এবং জনস্বার্থে সরকারি সেবা সবার দোরগোড়ায় পৌঁছে দিতে হবে। এ সময় উপস্থিত ছিলেন স্থানীয় জনপ্রতিনিধি, শিক্ষক, সাংবাদিক ও সুশীল সমাজের প্রতিনিধিবৃন্দ। অনুষ্ঠানে বিভিন্ন বিষয়ে আলোচনা শেষে মতবিনিময় করা হয়। চট্টগ্রাম প্রতিনিধি : জেলার বিভিন্ন উপজেলায় আজ স্থানীয় প্রশাসনের উদ্যোগে সচেতনতা সভা অনুষ্ঠিত হয়েছে। সভায় বক্তারা বলেন, সামাজিক সম্প্রীতি রক্ষায় সকলকে একযোগে কাজ করতে হবে এবং জনস্বার্থে সরকারি সেবা সবার দোরগোড়ায় পৌঁছে দিতে হবে। এ সময় উপস্থিত ছিলেন স্থানীয় জনপ্রতিনিধি, শিক্ষক, সাংবাদিক ও সুশীল সমাজের প্রতিনিধিবৃন্দ। অনুষ্ঠানে বিভিন্ন বিষয়ে আলোচনা শেষে মতবিনিময় করা হয়।
চট্টগ্রামের পুলিশে ইউনিভার্সিটির লোক ইউনিয়ন
চট্টগ্রাম প্রতিনিধি : জেলার বিভিন্ন উপজেলায় আজ স্থানীয় প্রশাসনের উদ্যোগে সচেতনতা সভা অনুষ্ঠিত হয়েছে। সভায় বক্তারা বলেন, সামাজিক সম্প্রীতি রক্ষায় সকলকে একযোগে কাজ করতে হবে এবং জনস্বার্থে সরকারি সেবা সবার দোরগোড়ায় পৌঁছে দিতে হবে। এ সময় উপস্থিত ছিলেন স্থানীয় জনপ্রতিনিধি, শিক্ষক, সাংবাদিক ও সুশীল সমাজের প্রতিনিধিবৃন্দ। অনুষ্ঠানে বিভিন্ন বিষয়ে আলোচনা শেষে মতবিনিময় করা হয়। চট্টগ্রাম প্রতিনিধি : জেলার বিভিন্ন উপজেলায় আজ স্থানীয় প্রশাসনের উদ্যোগে সচেতনতা সভা অনুষ্ঠিত হয়েছে। সভায় বক্তারা বলেন, সামাজিক সম্প্রীতি রক্ষায় সকলকে একযোগে কাজ করতে হবে এবং জনস্বার্থে সরকারি সেবা সবার দোরগোড়ায় পৌঁছে দিতে হবে। এ সময় উপস্থিত ছিলেন স্থানীয় জনপ্রতিনিধি, শিক্ষক, সাংবাদিক ও সুশীল সমাজের প্রতিনিধিবৃন্দ। অনুষ্ঠানে বিভিন্ন বিষয়ে আলোচনা শেষে মতবিনিময় করা হয়।
চট্টগ্রাম প্রতিনিধি : জেলার বিভিন্ন উপজেলায় আজ স্থানীয় প্রশাসনের উদ্যোগে সচেতনতা সভা অনুষ্ঠিত হয়েছে। সভায় বক্তারা বলেন, সামাজিক সম্প্রীতি রক্ষায় সকলকে একযোগে কাজ করতে হবে এবং জনস্বার্থে সরকারি সেবা সবার দোরগোড়ায় পৌঁছে দিতে হবে। এ সময় উপস্থিত ছিলেন স্থানীয় জনপ্রতিনিধি, শিক্ষক, সাংবাদিক ও সুশীল সমাজের প্রতিনিধিবৃন্দ। অনুষ্ঠানে বিভিন্ন বিষয়ে আলোচনা শেষে মতবিনিময় করা হয়। চট্টগ্রাম প্রতিনিধি : জেলার বিভিন্ন উপজেলায় আজ স্থানীয় প্রশাসনের উদ্যোগে সচেতনতা সভা অনুষ্ঠিত হয়েছে। সভায় বক্তারা বলেন, সামাজিক সম্প্রীতি রক্ষায় সকলকে একযোগে কাজ করতে হবে এবং জনস্বার্থে সরকারি সেবা সবার দোরগোড়ায় পৌঁছে দিতে হবে। এ সময় উপস্থিত ছিলেন স্থানীয় জনপ্রতিনিধি, শিক্ষক, সাংবাদিক ও সুশীল সমাজের প্রতিনিধিবৃন্দ। অনুষ্ঠানে বিভিন্ন বিষয়ে আলোচনা শেষে মতবিনিময় করা হয়।
ছয় লাখ টাকা দিয়ে চাকুরি প্রত্যাশী জাপান মিছিল
চট্টগ্রাম প্রতিনিধি : জেলার বিভিন্ন উপজেলায় আজ স্থানীয় প্রশাসনের উদ্যোগে সচেতনতা সভা অনুষ্ঠিত হয়েছে। সভায় বক্তারা বলেন, সামাজিক সম্প্রীতি রক্ষায় সকলকে একযোগে কাজ করতে হবে এবং জনস্বার্থে সরকারি সেবা সবার দোরগোড়ায় পৌঁছে দিতে হবে। এ সময় উপস্থিত ছিলেন স্থানীয় জনপ্রতিনিধি, শিক্ষক, সাংবাদিক ও সুশীল সমাজের প্রতিনিধিবৃন্দ। অনুষ্ঠানে বিভিন্ন বিষয়ে আলোচনা শেষে মতবিনিময় করা হয়। চট্টগ্রাম প্রতিনিধি : জেলার বিভিন্ন উপজেলায় আজ স্থানীয় প্রশাসনের উদ্যোগে সচেতনতা সভা অনুষ্ঠিত হয়েছে। সভায় বক্তারা বলেন, সামাজিক সম্প্রীতি রক্ষায় সকলকে একযোগে কাজ করতে হবে এবং জনস্বার্থে সরকারি সেবা সবার দোরগোড়ায় পৌঁছে দিতে হবে। এ সময় উপস্থিত ছিলেন স্থানীয় জনপ্রতিনিধি, শিক্ষক, সাংবাদিক ও সুশীল সমাজের প্রতিনিধিবৃন্দ। অনুষ্ঠানে বিভিন্ন বিষয়ে আলোচনা শেষে মতবিনিময় করা হয়।
প্রিমিয়ার ইউনিভার্সিটিতে প্রশিক্ষণ কর্মশালায় বক্তব্য রাখছেন অতিথি
প্রিমিয়ার ইউনিভার্সিটিতে প্রফেশনাল ডেভেলপমেন্ট : প্রপোজিটিং মাইন্ডসেট শীর্ষক দুই দিনব্যাপী প্রশিক্ষণ কর্মশালা শুরু
চট্টগ্রাম প্রতিনিধি : জেলার বিভিন্ন উপজেলায় আজ স্থানীয় প্রশাসনের উদ্যোগে সচেতনতা সভা অনুষ্ঠিত হয়েছে। সভায় বক্তারা বলেন, সামাজিক সম্প্রীতি রক্ষায় সকলকে একযোগে কাজ করতে হবে এবং জনস্বার্থে সরকারি সেবা সবার দোরগোড়ায় পৌঁছে দিতে হবে। এ সময় উপস্থিত ছিলেন স্থানীয় জনপ্রতিনিধি, শিক্ষক, সাংবাদিক ও সুশীল সমাজের প্রতিনিধিবৃন্দ। অনুষ্ঠানে বিভিন্ন বিষয়ে আলোচনা শেষে মতবিনিময় করা হয়। চট্টগ্রাম প্রতিনিধি : জেলার বিভিন্ন উপজেলায় আজ স্থানীয় প্রশাসনের উদ্যোগে সচেতনতা সভা অনুষ্ঠিত হয়েছে। সভায় বক্তারা বলেন, সামাজিক সম্প্রীতি রক্ষায় সকলকে একযোগে কাজ করতে হবে এবং জনস্বার্থে সরকারি সেবা সবার দোরগোড়ায় পৌঁছে দিতে হবে। এ সময় উপস্থিত ছিলেন স্থানীয় জনপ্রতিনিধি, শিক্ষক, সাংবাদিক ও সুশীল সমাজের প্রতিনিধিবৃন্দ। অনুষ্ঠানে বিভিন্ন বিষয়ে আলোচনা শেষে মতবিনিময় করা হয়।
চট্টগ্রাম প্রতিনিধি : জেলার বিভিন্ন উপজেলায় আজ স্থানীয় প্রশাসনের উদ্যোগে সচেতনতা সভা অনুষ্ঠিত হয়েছে। সভায় বক্তারা বলেন, সামাজিক সম্প্রীতি রক্ষায় সকলকে একযোগে কাজ করতে হবে এবং জনস্বার্থে সরকারি সেবা সবার দোরগোড়ায় পৌঁছে দিতে হবে। এ সময় উপস্থিত ছিলেন স্থানীয় জনপ্রতিনিধি, শিক্ষক, সাংবাদিক ও সুশীল সমাজের প্রতিনিধিবৃন্দ। অনুষ্ঠানে বিভিন্ন বিষয়ে আলোচনা শেষে মতবিনিময় করা হয়। চট্টগ্রাম প্রতিনিধি : জেলার বিভিন্ন উপজেলায় আজ স্থানীয় প্রশাসনের উদ্যোগে সচেতনতা সভা অনুষ্ঠিত হয়েছে। সভায় বক্তারা বলেন, সামাজিক সম্প্রীতি রক্ষায় সকলকে একযোগে কাজ করতে হবে এবং জনস্বার্থে সরকারি সেবা সবার দোরগোড়ায় পৌঁছে দিতে হবে। এ সময় উপস্থিত ছিলেন স্থানীয় জনপ্রতিনিধি, শিক্ষক, সাংবাদিক ও সুশীল সমাজের প্রতিনিধিবৃন্দ। অনুষ্ঠানে বিভিন্ন বিষয়ে আলোচনা শেষে মতবিনিময় করা হয়।
সাগরে মাছ ধরায় ৫৮ দিনের নিষেধাজ্ঞা
চট্টগ্রাম প্রতিনিধি : জেলার বিভিন্ন উপজেলায় আজ স্থানীয় প্রশাসনের উদ্যোগে সচেতনতা সভা অনুষ্ঠিত হয়েছে। সভায় বক্তারা বলেন, সামাজিক সম্প্রীতি রক্ষায় সকলকে একযোগে কাজ করতে হবে এবং জনস্বার্থে সরকারি সেবা সবার দোরগোড়ায় পৌঁছে দিতে হবে। এ সময় উপস্থিত ছিলেন স্থানীয় জনপ্রতিনিধি, শিক্ষক, সাংবাদিক ও সুশীল সমাজের প্রতিনিধিবৃন্দ। অনুষ্ঠানে বিভিন্ন বিষয়ে আলোচনা শেষে মতবিনিময় করা হয়। চট্টগ্রাম প্রতিনিধি : জেলার বিভিন্ন উপজেলায় আজ স্থানীয় প্রশাসনের উদ্যোগে সচেতনতা সভা অনুষ্ঠিত হয়েছে। সভায় বক্তারা বলেন, সামাজিক সম্প্রীতি রক্ষায় সকলকে একযোগে কাজ করতে হবে এবং জনস্বার্থে সরকারি সেবা সবার দোরগোড়ায় পৌঁছে দিতে হবে। এ সময় উপস্থিত ছিলেন স্থানীয় জনপ্রতিনিধি, শিক্ষক, সাংবাদিক ও সুশীল সমাজের প্রতিনিধিবৃন্দ। অনুষ্ঠানে বিভিন্ন বিষয়ে আলোচনা শেষে মতবিনিময় করা হয়।
